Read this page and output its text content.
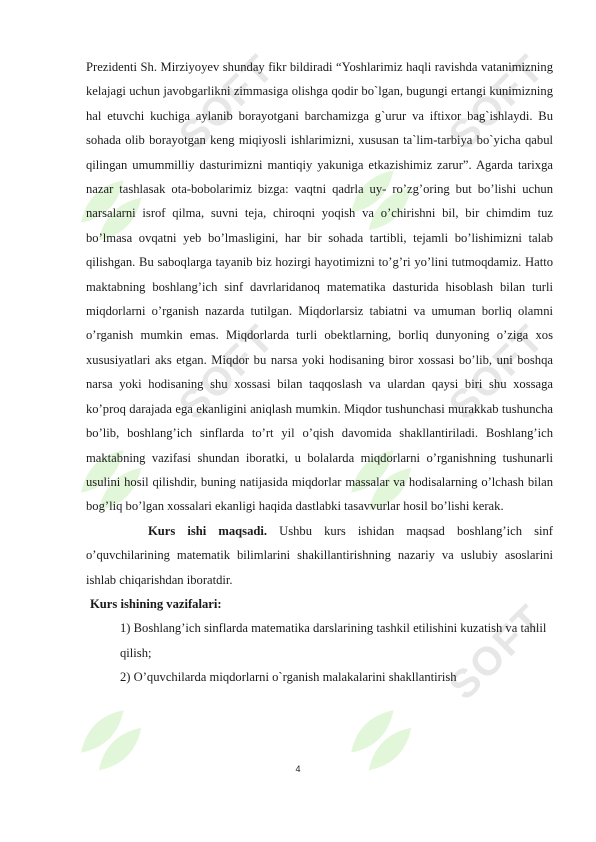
SOFT	SOFT
SOFT	SOFT
SOFT

Prezidenti Sh. Mirziyoyev shunday fikr bildiradi “Yoshlarimiz haqli ravishda vatanimizning kelajagi uchun javobgarlikni zimmasiga olishga qodir bo`lgan, bugungi ertangi kunimizning hal etuvchi kuchiga aylanib borayotgani barchamizga g`urur va iftixor bag`ishlaydi. Bu sohada olib borayotgan keng miqiyosli ishlarimizni, xususan ta`lim-tarbiya bo`yicha qabul qilingan umummilliy dasturimizni mantiqiy yakuniga etkazishimiz zarur”. Agarda tarixga nazar tashlasak ota-bobolarimiz bizga: vaqtni qadrla uy- ro’zg’oring but bo’lishi uchun narsalarni isrof qilma, suvni teja, chiroqni yoqish va o’chirishni bil, bir chimdim tuz bo’lmasa ovqatni yeb bo’lmasligini, har bir sohada tartibli, tejamli bo’lishimizni talab qilishgan. Bu saboqlarga tayanib biz hozirgi hayotimizni to’g’ri yo’lini tutmoqdamiz. Hatto maktabning boshlang’ich sinf davrlaridanoq matematika dasturida hisoblash bilan turli miqdorlarni o’rganish nazarda tutilgan. Miqdorlarsiz tabiatni va umuman borliq olamni o’rganish mumkin emas. Miqdorlarda turli obektlarning, borliq dunyoning o’ziga xos xususiyatlari aks etgan. Miqdor bu narsa yoki hodisaning biror xossasi bo’lib, uni boshqa narsa yoki hodisaning shu xossasi bilan taqqoslash va ulardan qaysi biri shu xossaga ko’proq darajada ega ekanligini aniqlash mumkin. Miqdor tushunchasi murakkab tushuncha bo’lib, boshlang’ich sinflarda to’rt yil o’qish davomida shakllantiriladi. Boshlang’ich maktabning vazifasi shundan iboratki, u bolalarda miqdorlarni o’rganishning tushunarli usulini hosil qilishdir, buning natijasida miqdorlar massalar va hodisalarning o’lchash bilan bog’liq bo’lgan xossalari ekanligi haqida dastlabki tasavvurlar hosil bo’lishi kerak.

Kurs ishi maqsadi. Ushbu kurs ishidan maqsad boshlang’ich sinf o’quvchilarining matematik bilimlarini shakillantirishning nazariy va uslubiy asoslarini ishlab chiqarishdan iboratdir.

Kurs ishining vazifalari:

1) Boshlang’ich sinflarda matematika darslarining tashkil etilishini kuzatish va tahlil qilish;

2) O’quvchilarda miqdorlarni o`rganish malakalarini shakllantirish

4
